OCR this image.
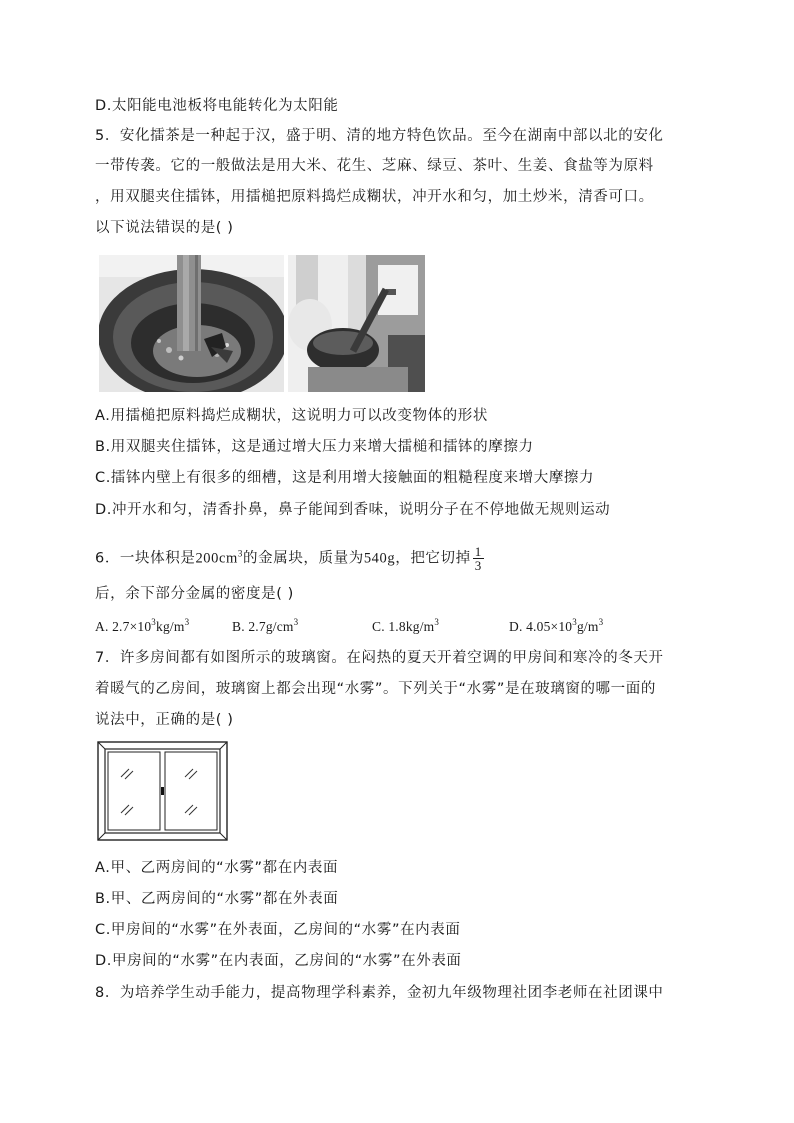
D.太阳能电池板将电能转化为太阳能
5．安化擂茶是一种起于汉，盛于明、清的地方特色饮品。至今在湖南中部以北的安化
一带传袭。它的一般做法是用大米、花生、芝麻、绿豆、茶叶、生姜、食盐等为原料
，用双腿夹住擂钵，用擂槌把原料捣烂成糊状，冲开水和匀，加土炒米，清香可口。
以下说法错误的是( )
A.用擂槌把原料捣烂成糊状，这说明力可以改变物体的形状
B.用双腿夹住擂钵，这是通过增大压力来增大擂槌和擂钵的摩擦力
C.擂钵内壁上有很多的细槽，这是利用增大接触面的粗糙程度来增大摩擦力
D.冲开水和匀，清香扑鼻，鼻子能闻到香味，说明分子在不停地做无规则运动
6．一块体积是$200cm^3$的金属块，质量为540g，把它切掉 $\frac{1}{3}$
后，余下部分金属的密度是( )
A. $2.7\times 10^3kg/m^3$	B. $2.7g/cm^3$	C. $1.8kg/m^3$	D. $4.05\times 10^3g/m^3$
7．许多房间都有如图所示的玻璃窗。在闷热的夏天开着空调的甲房间和寒冷的冬天开
着暖气的乙房间，玻璃窗上都会出现“水雾”。下列关于“水雾”是在玻璃窗的哪一面的
说法中，正确的是( )
A.甲、乙两房间的“水雾”都在内表面
B.甲、乙两房间的“水雾”都在外表面
C.甲房间的“水雾”在外表面，乙房间的“水雾”在内表面
D.甲房间的“水雾”在内表面，乙房间的“水雾”在外表面
8．为培养学生动手能力，提高物理学科素养，金初九年级物理社团李老师在社团课中
